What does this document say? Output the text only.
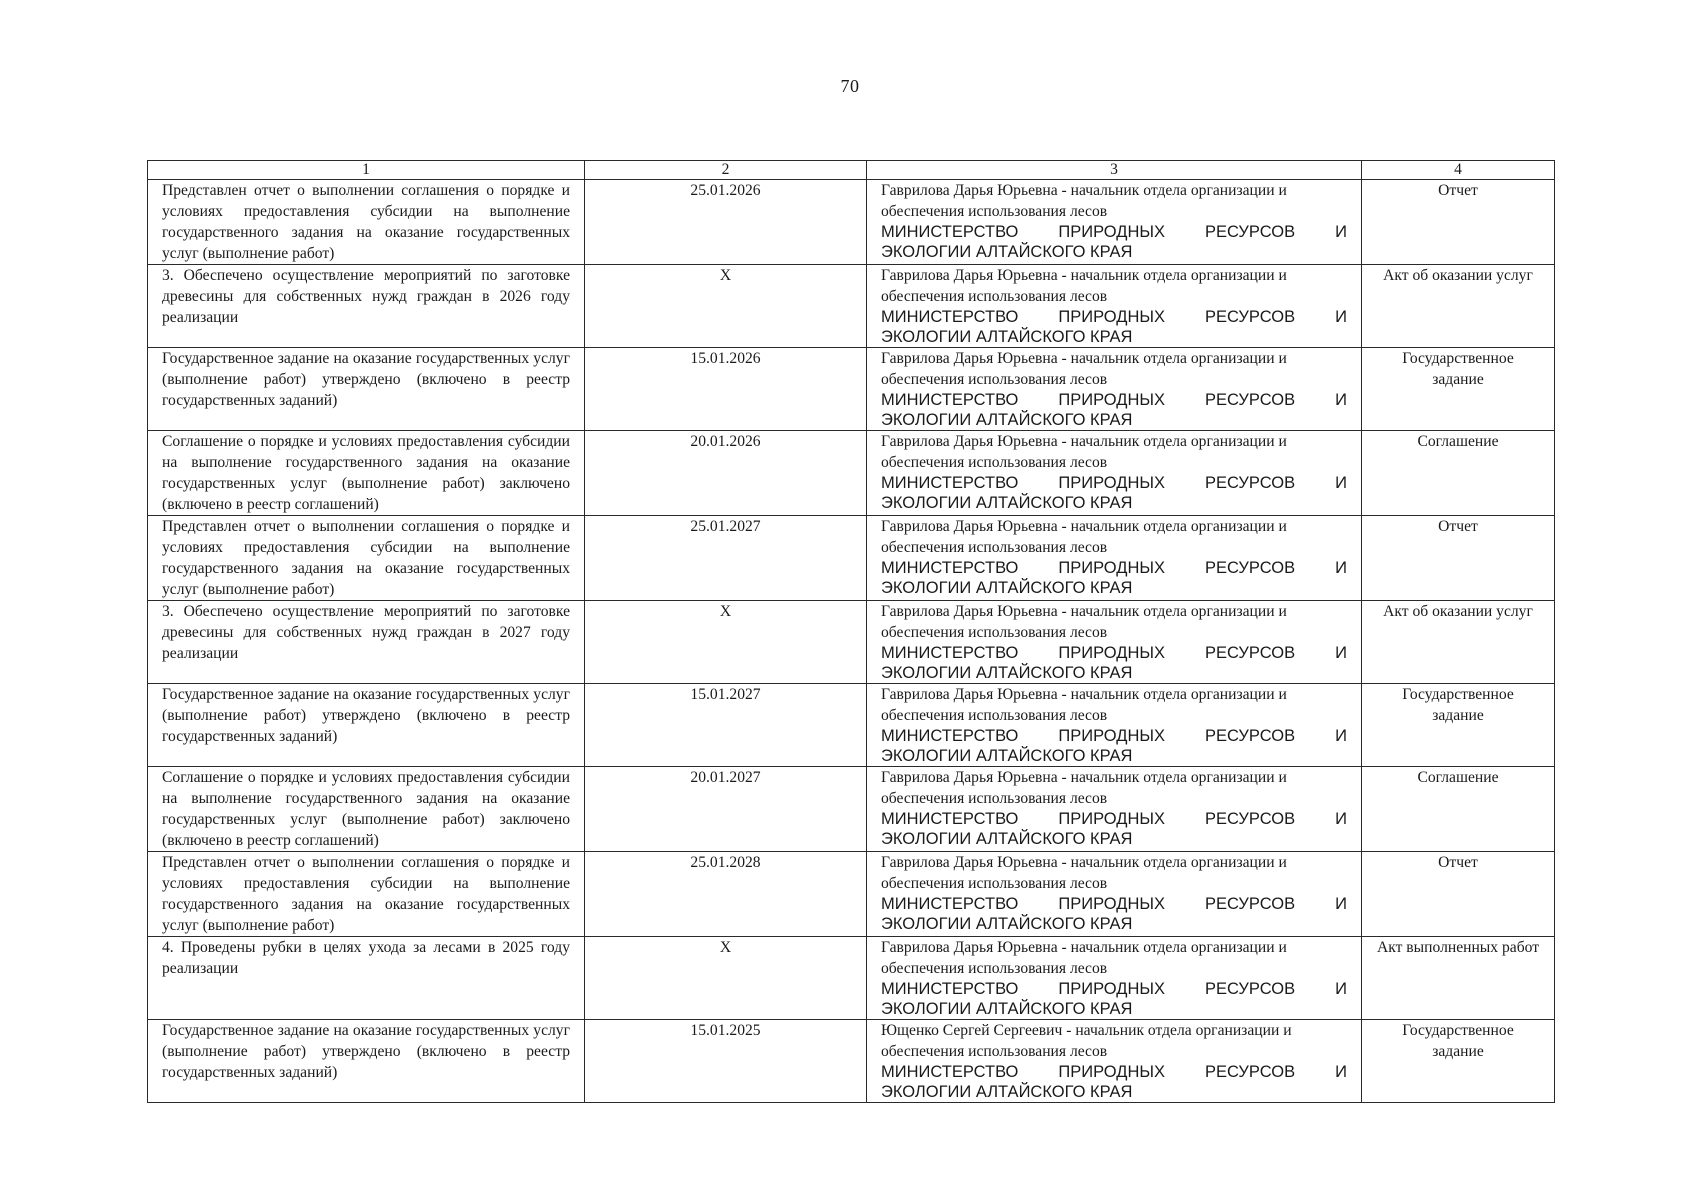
70
1	2	3	4
Представлен отчет о выполнении соглашения о порядке и условиях предоставления субсидии на выполнение государственного задания на оказание государственных услуг (выполнение работ)	25.01.2026	Гаврилова Дарья Юрьевна - начальник отдела организации и обеспечения использования лесов
МИНИСТЕРСТВО ПРИРОДНЫХ РЕСУРСОВ И
ЭКОЛОГИИ АЛТАЙСКОГО КРАЯ	Отчет
3. Обеспечено осуществление мероприятий по заготовке древесины для собственных нужд граждан в 2026 году реализации	X	Гаврилова Дарья Юрьевна - начальник отдела организации и обеспечения использования лесов
МИНИСТЕРСТВО ПРИРОДНЫХ РЕСУРСОВ И
ЭКОЛОГИИ АЛТАЙСКОГО КРАЯ	Акт об оказании услуг
Государственное задание на оказание государственных услуг (выполнение работ) утверждено (включено в реестр государственных заданий)	15.01.2026	Гаврилова Дарья Юрьевна - начальник отдела организации и обеспечения использования лесов
МИНИСТЕРСТВО ПРИРОДНЫХ РЕСУРСОВ И
ЭКОЛОГИИ АЛТАЙСКОГО КРАЯ	Государственное задание
Соглашение о порядке и условиях предоставления субсидии на выполнение государственного задания на оказание государственных услуг (выполнение работ) заключено (включено в реестр соглашений)	20.01.2026	Гаврилова Дарья Юрьевна - начальник отдела организации и обеспечения использования лесов
МИНИСТЕРСТВО ПРИРОДНЫХ РЕСУРСОВ И
ЭКОЛОГИИ АЛТАЙСКОГО КРАЯ	Соглашение
Представлен отчет о выполнении соглашения о порядке и условиях предоставления субсидии на выполнение государственного задания на оказание государственных услуг (выполнение работ)	25.01.2027	Гаврилова Дарья Юрьевна - начальник отдела организации и обеспечения использования лесов
МИНИСТЕРСТВО ПРИРОДНЫХ РЕСУРСОВ И
ЭКОЛОГИИ АЛТАЙСКОГО КРАЯ	Отчет
3. Обеспечено осуществление мероприятий по заготовке древесины для собственных нужд граждан в 2027 году реализации	X	Гаврилова Дарья Юрьевна - начальник отдела организации и обеспечения использования лесов
МИНИСТЕРСТВО ПРИРОДНЫХ РЕСУРСОВ И
ЭКОЛОГИИ АЛТАЙСКОГО КРАЯ	Акт об оказании услуг
Государственное задание на оказание государственных услуг (выполнение работ) утверждено (включено в реестр государственных заданий)	15.01.2027	Гаврилова Дарья Юрьевна - начальник отдела организации и обеспечения использования лесов
МИНИСТЕРСТВО ПРИРОДНЫХ РЕСУРСОВ И
ЭКОЛОГИИ АЛТАЙСКОГО КРАЯ	Государственное задание
Соглашение о порядке и условиях предоставления субсидии на выполнение государственного задания на оказание государственных услуг (выполнение работ) заключено (включено в реестр соглашений)	20.01.2027	Гаврилова Дарья Юрьевна - начальник отдела организации и обеспечения использования лесов
МИНИСТЕРСТВО ПРИРОДНЫХ РЕСУРСОВ И
ЭКОЛОГИИ АЛТАЙСКОГО КРАЯ	Соглашение
Представлен отчет о выполнении соглашения о порядке и условиях предоставления субсидии на выполнение государственного задания на оказание государственных услуг (выполнение работ)	25.01.2028	Гаврилова Дарья Юрьевна - начальник отдела организации и обеспечения использования лесов
МИНИСТЕРСТВО ПРИРОДНЫХ РЕСУРСОВ И
ЭКОЛОГИИ АЛТАЙСКОГО КРАЯ	Отчет
4. Проведены рубки в целях ухода за лесами в 2025 году реализации	X	Гаврилова Дарья Юрьевна - начальник отдела организации и обеспечения использования лесов
МИНИСТЕРСТВО ПРИРОДНЫХ РЕСУРСОВ И
ЭКОЛОГИИ АЛТАЙСКОГО КРАЯ	Акт выполненных работ
Государственное задание на оказание государственных услуг (выполнение работ) утверждено (включено в реестр государственных заданий)	15.01.2025	Ющенко Сергей Сергеевич - начальник отдела организации и обеспечения использования лесов
МИНИСТЕРСТВО ПРИРОДНЫХ РЕСУРСОВ И
ЭКОЛОГИИ АЛТАЙСКОГО КРАЯ	Государственное задание
